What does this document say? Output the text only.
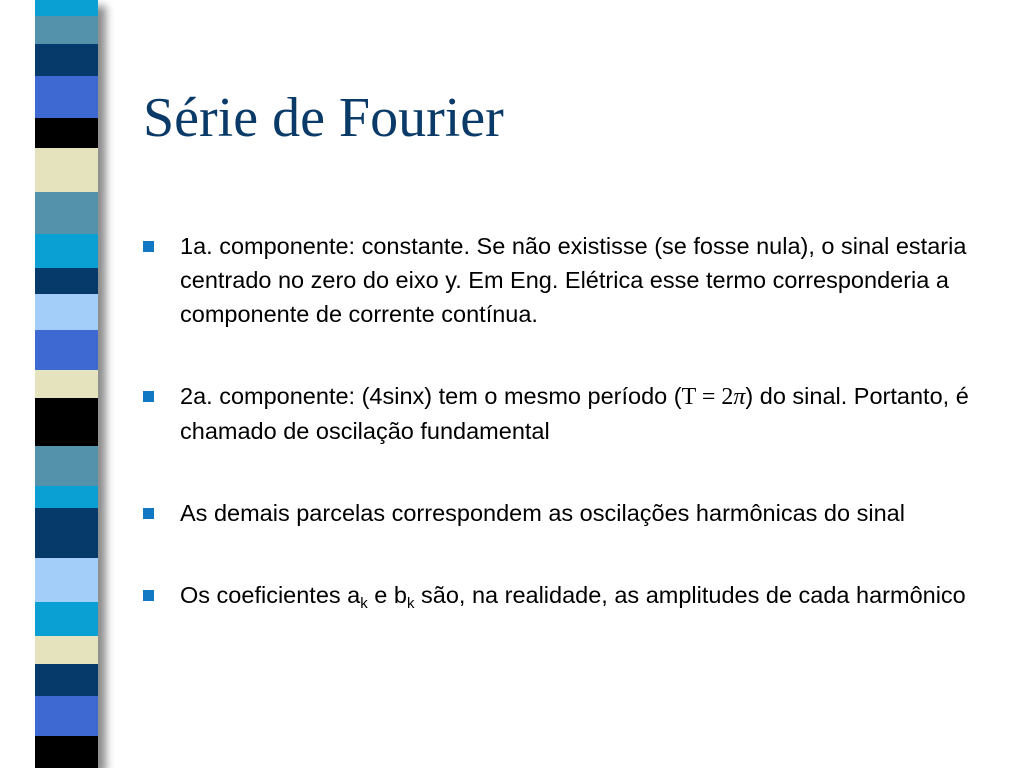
Série de Fourier
1a. componente: constante. Se não existisse (se fosse nula), o sinal estaria centrado no zero do eixo y. Em Eng. Elétrica esse termo corresponderia a componente de corrente contínua.
2a. componente: (4sinx) tem o mesmo período (T = 2π) do sinal. Portanto, é chamado de oscilação fundamental
As demais parcelas correspondem as oscilações harmônicas do sinal
Os coeficientes $a_k$ e $b_k$ são, na realidade, as amplitudes de cada harmônico
